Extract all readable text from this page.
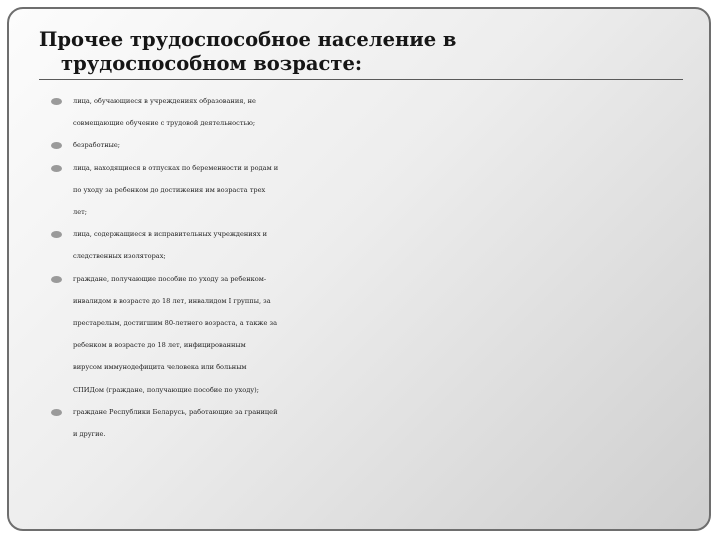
Прочее трудоспособное население в
трудоспособном возрасте:
лица, обучающиеся в учреждениях образования, не
совмещающие обучение с трудовой деятельностью;
безработные;
лица, находящиеся в отпусках по беременности и родам и
по уходу за ребенком до достижения им возраста трех
лет;
лица, содержащиеся в исправительных учреждениях и
следственных изоляторах;
граждане, получающие пособие по уходу за ребенком-
инвалидом в возрасте до 18 лет, инвалидом I группы, за
престарелым, достигшим 80-летнего возраста, а также за
ребенком в возрасте до 18 лет, инфицированным
вирусом иммунодефицита человека или больным
СПИДом (граждане, получающие пособие по уходу);
граждане Республики Беларусь, работающие за границей
и другие.
